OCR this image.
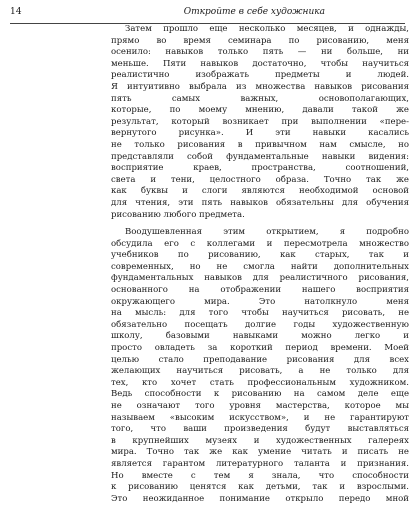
14	Откройте в себе художника
Затем прошло еще несколько месяцев, и однажды,
прямо во время семинара по рисованию, меня
осенило: навыков только пять — ни больше, ни
меньше. Пяти навыков достаточно, чтобы научиться
реалистично изображать предметы и людей.
Я интуитивно выбрала из множества навыков рисования
пять самых важных, основополагающих,
которые, по моему мнению, давали такой же
результат, который возникает при выполнении «пере-
вернутого рисунка». И эти навыки касались
не только рисования в привычном нам смысле, но
представляли собой фундаментальные навыки видения:
восприятие краев, пространства, соотношений,
света и тени, целостного образа. Точно так же
как буквы и слоги являются необходимой основой
для чтения, эти пять навыков обязательны для обучения
рисованию любого предмета.
Воодушевленная этим открытием, я подробно
обсудила его с коллегами и пересмотрела множество
учебников по рисованию, как старых, так и
современных, но не смогла найти дополнительных
фундаментальных навыков для реалистичного рисования,
основанного на отображении нашего восприятия
окружающего мира. Это натолкнуло меня
на мысль: для того чтобы научиться рисовать, не
обязательно посещать долгие годы художественную
школу, базовыми навыками можно легко и
просто овладеть за короткий период времени. Моей
целью стало преподавание рисования для всех
желающих научиться рисовать, а не только для
тех, кто хочет стать профессиональным художником.
Ведь способности к рисованию на самом деле еще
не означают того уровня мастерства, которое мы
называем «высоким искусством», и не гарантируют
того, что ваши произведения будут выставляться
в крупнейших музеях и художественных галереях
мира. Точно так же как умение читать и писать не
является гарантом литературного таланта и признания.
Но вместе с тем я знала, что способности
к рисованию ценятся как детьми, так и взрослыми.
Это неожиданное понимание открыло передо мной
